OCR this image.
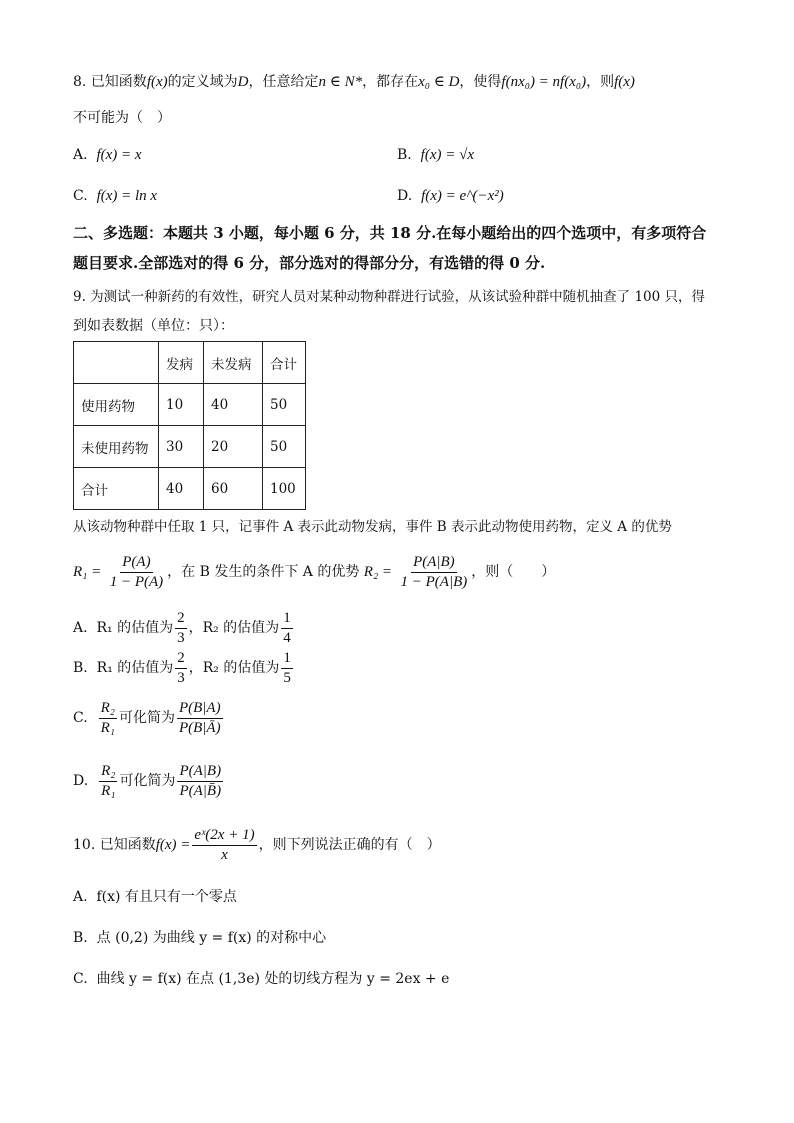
8. 已知函数f(x)的定义域为D，任意给定n ∈ N*，都存在x₀ ∈ D，使得f(nx₀) = nf(x₀)，则f(x)
不可能为（　）
A. f(x) = x	B. f(x) = √x
C. f(x) = ln x	D. f(x) = e^(−x²)
二、多选题：本题共 3 小题，每小题 6 分，共 18 分.在每小题给出的四个选项中，有多项符合
题目要求.全部选对的得 6 分，部分选对的得部分分，有选错的得 0 分.
9. 为测试一种新药的有效性，研究人员对某种动物种群进行试验，从该试验种群中随机抽查了 100 只，得
到如表数据（单位：只）：
	发病	未发病	合计
使用药物	10	40	50
未使用药物	30	20	50
合计	40	60	100
从该动物种群中任取 1 只，记事件 A 表示此动物发病，事件 B 表示此动物使用药物，定义 A 的优势
$R_1 = \frac{P(A)}{1 - P(A)}$ ，在 B 发生的条件下 A 的优势 $R_2 = \frac{P(A|B)}{1 - P(A|B)}$ ，则（　　）
A. R₁ 的估值为 $\frac{2}{3}$ ，R₂ 的估值为 $\frac{1}{4}$
B. R₁ 的估值为 $\frac{2}{3}$ ，R₂ 的估值为 $\frac{1}{5}$
C. $\frac{\text{R₂}}{\text{R₁}}$ 可化简为 $\frac{P(B|A)}{P(B|Ā)}$
D. $\frac{\text{R₂}}{\text{R₁}}$ 可化简为 $\frac{P(A|B)}{P(A|B̄)}$
10. 已知函数$f(x) = \frac{\text{eˣ(2x + 1)}}{x}$ ，则下列说法正确的有（　）
A. f(x) 有且只有一个零点
B. 点 (0,2) 为曲线 y = f(x) 的对称中心
C. 曲线 y = f(x) 在点 (1,3e) 处的切线方程为 y = 2ex + e
